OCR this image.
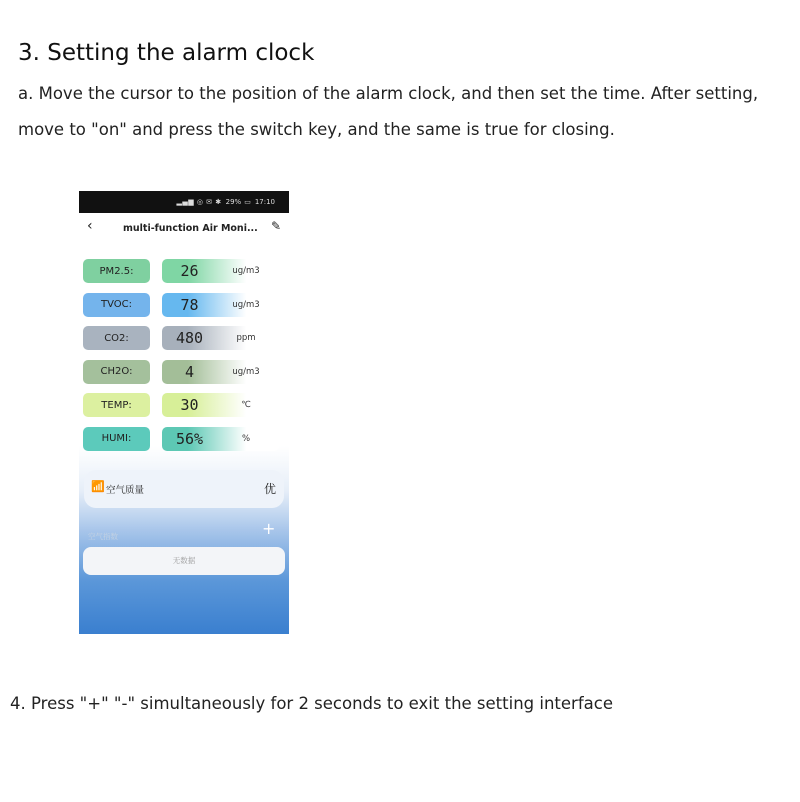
3. Setting the alarm clock
a. Move the cursor to the position of the alarm clock, and then set the time. After setting,
move to "on" and press the switch key, and the same is true for closing.
▂▄▆ ◎ ✉ ✱ 29% ▭ 17:10
‹	multi-function Air Moni... ✎
PM2.5:	26	ug/m3
TVOC:	78	ug/m3
CO2:	480	ppm
CH2O:	4	ug/m3
TEMP:	30	℃
HUMI:	56%	%
📶 空气质量	优
+
空气指数
无数据
4. Press "+" "-" simultaneously for 2 seconds to exit the setting interface
